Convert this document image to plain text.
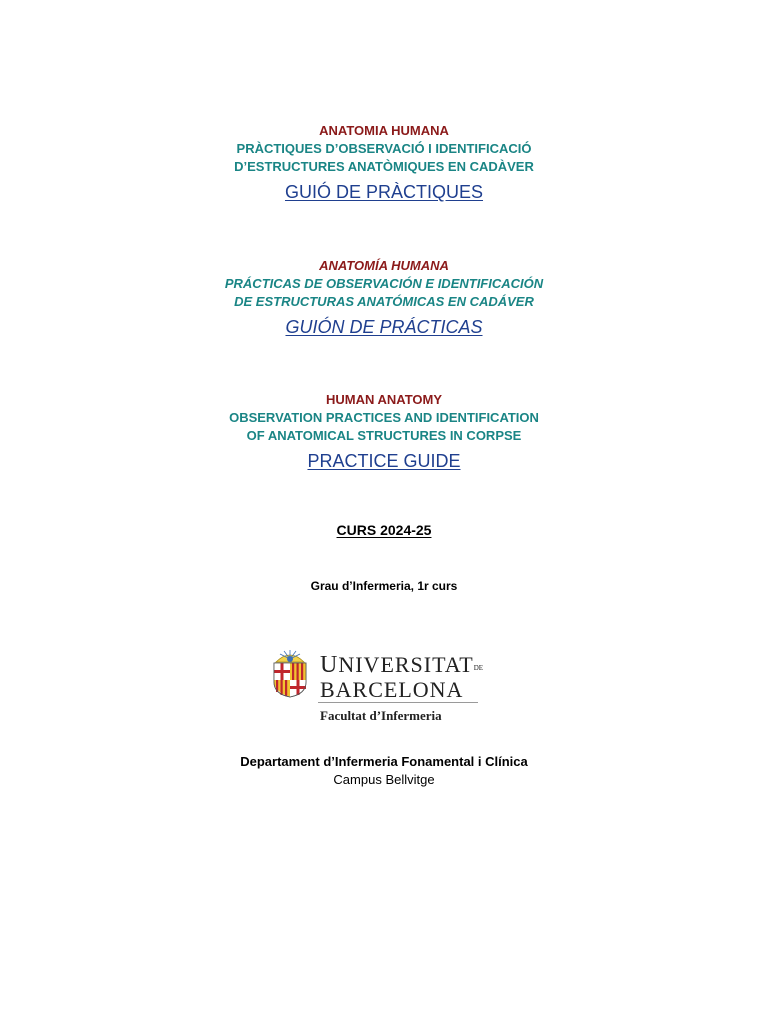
ANATOMIA HUMANA
PRÀCTIQUES D’OBSERVACIÓ I IDENTIFICACIÓ
D’ESTRUCTURES ANATÒMIQUES EN CADÀVER
GUIÓ DE PRÀCTIQUES
ANATOMÍA HUMANA
PRÁCTICAS DE OBSERVACIÓN E IDENTIFICACIÓN
DE ESTRUCTURAS ANATÓMICAS EN CADÁVER
GUIÓN DE PRÁCTICAS
HUMAN ANATOMY
OBSERVATION PRACTICES AND IDENTIFICATION
OF ANATOMICAL STRUCTURES IN CORPSE
PRACTICE GUIDE
CURS 2024-25
Grau d’Infermeria, 1r curs
UNIVERSITATDE
BARCELONA
Facultat d’Infermeria
Departament d’Infermeria Fonamental i Clínica
Campus Bellvitge
